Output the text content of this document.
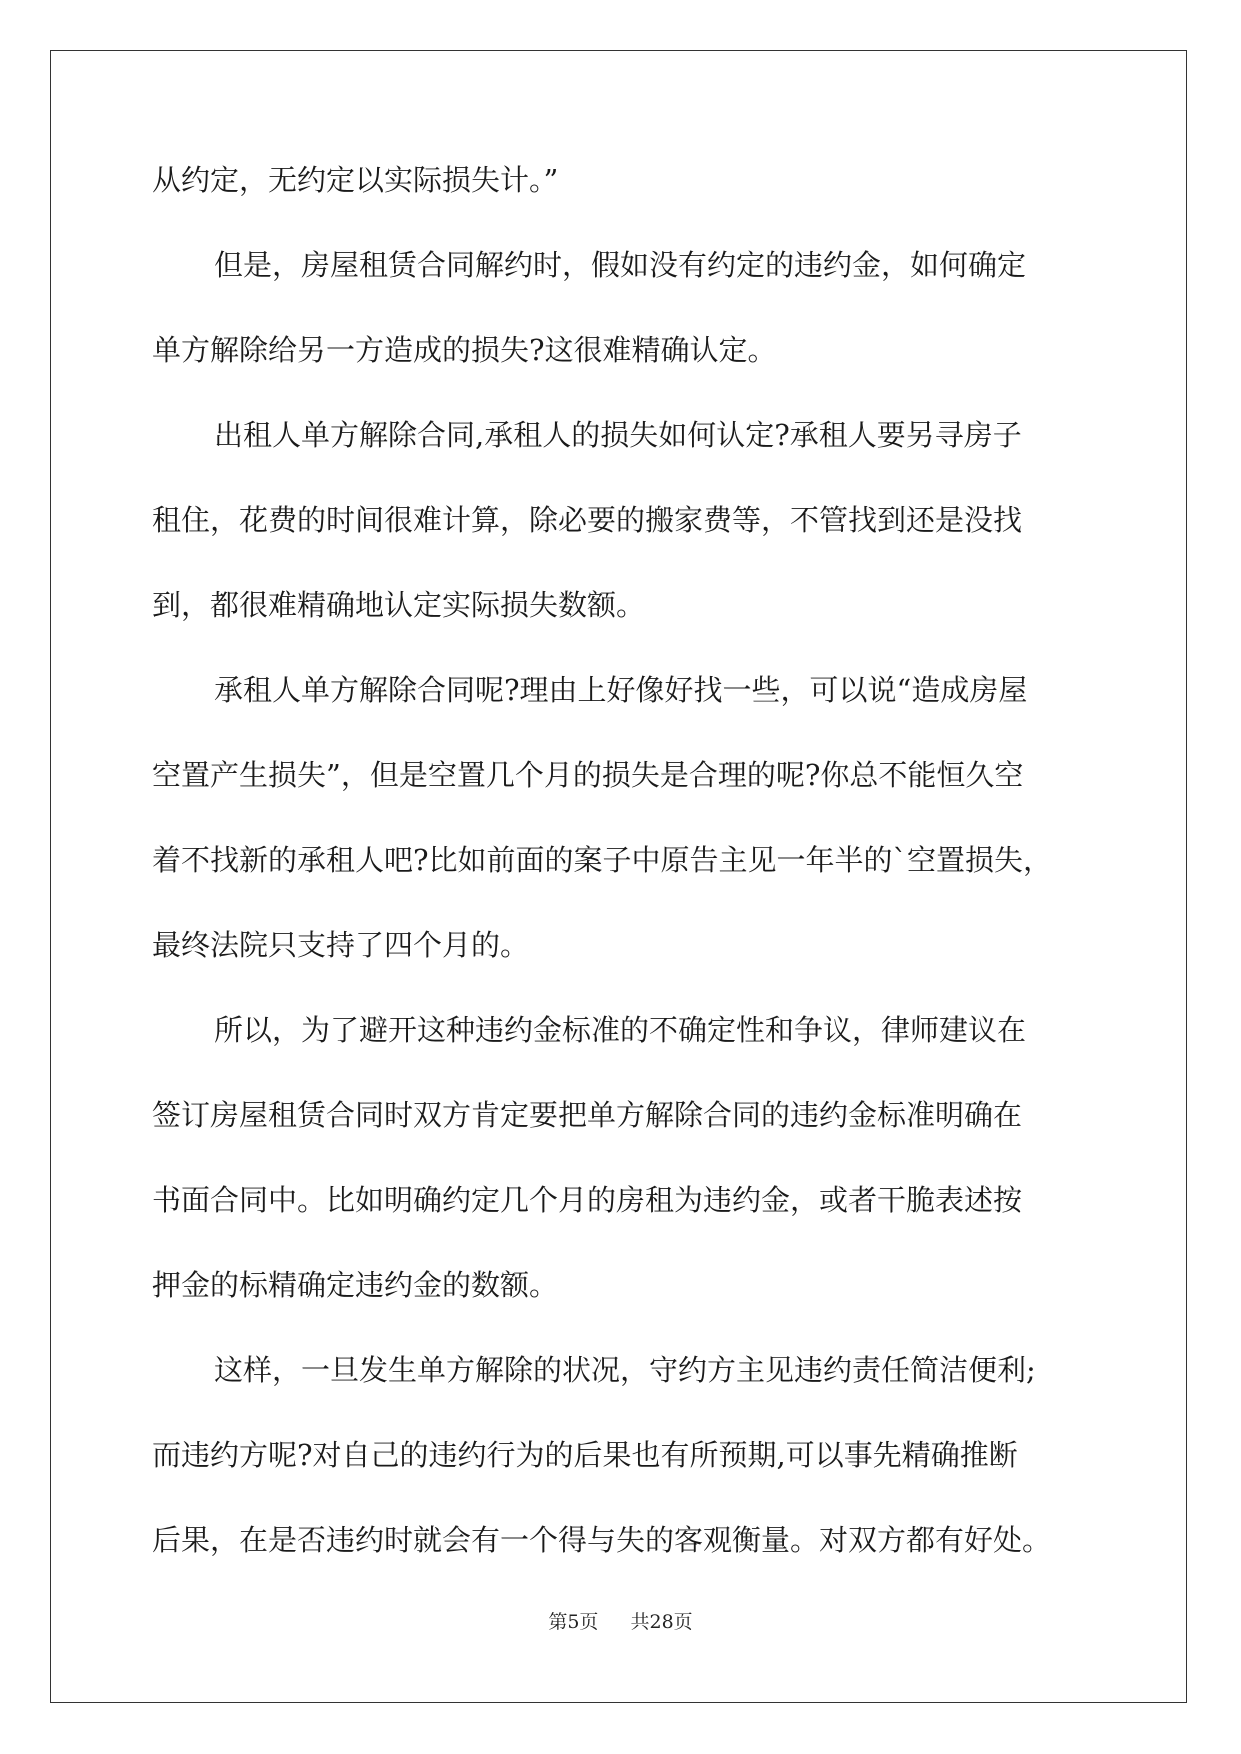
从约定，无约定以实际损失计。”
但是，房屋租赁合同解约时，假如没有约定的违约金，如何确定
单方解除给另一方造成的损失?这很难精确认定。
出租人单方解除合同,承租人的损失如何认定?承租人要另寻房子
租住，花费的时间很难计算，除必要的搬家费等，不管找到还是没找
到，都很难精确地认定实际损失数额。
承租人单方解除合同呢?理由上好像好找一些，可以说“造成房屋
空置产生损失”，但是空置几个月的损失是合理的呢?你总不能恒久空
着不找新的承租人吧?比如前面的案子中原告主见一年半的`空置损失，
最终法院只支持了四个月的。
所以，为了避开这种违约金标准的不确定性和争议，律师建议在
签订房屋租赁合同时双方肯定要把单方解除合同的违约金标准明确在
书面合同中。比如明确约定几个月的房租为违约金，或者干脆表述按
押金的标精确定违约金的数额。
这样，一旦发生单方解除的状况，守约方主见违约责任简洁便利;
而违约方呢?对自己的违约行为的后果也有所预期,可以事先精确推断
后果，在是否违约时就会有一个得与失的客观衡量。对双方都有好处。
第5页 共28页
